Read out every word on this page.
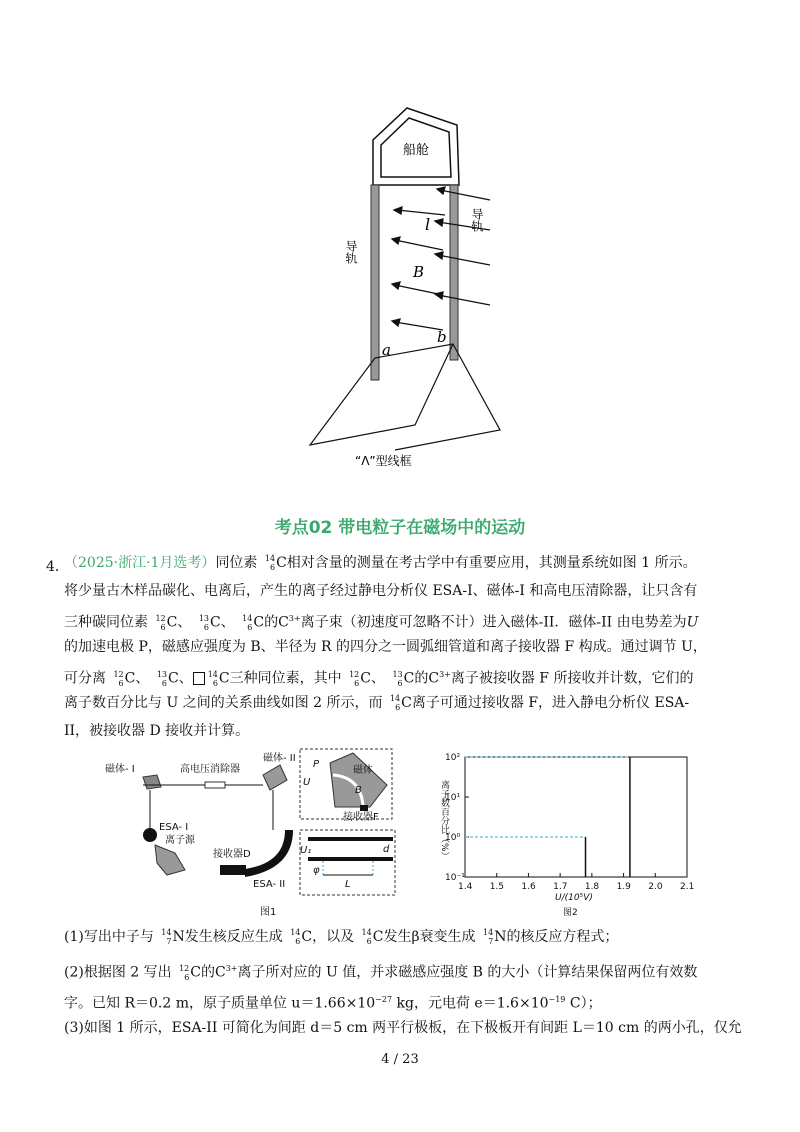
船舱
导轨
导轨
l
B
b
a
“Λ”型线框
考点02 带电粒子在磁场中的运动
4．
（2025·浙江·1月选考）同位素 14
6 C相对含量的测量在考古学中有重要应用，其测量系统如图 1 所示。
将少量古木样品碳化、电离后，产生的离子经过静电分析仪 ESA-I、磁体-I 和高电压清除器，让只含有
三种碳同位素 12
6 C、 13
6 C、 14
6 C的$C^{3+}$离子束（初速度可忽略不计）进入磁体-II．磁体-II 由电势差为U
的加速电极 P，磁感应强度为 B、半径为 R 的四分之一圆弧细管道和离子接收器 F 构成。通过调节 U，
可分离 12
6 C、 13
6 C、 14
6 C三种同位素，其中 12
6 C、 13
6 C的$C^{3+}$离子被接收器 F 所接收并计数，它们的
离子数百分比与 U 之间的关系曲线如图 2 所示，而 14
6 C离子可通过接收器 F，进入静电分析仪 ESA-
II，被接收器 D 接收并计算。
磁体- I	高电压消除器
磁体- II
ESA- I
离子源
接收器D
ESA- II
磁体
P
U
B
接收器F
U₁	d
L
φ
图1
离子数百分比（%）
10²
10¹
10⁰
10⁻¹
1.4 1.5 1.6 1.7 1.8 1.9 2.0 2.1
U/(10⁵V)
图2
(1)写出中子与 14
7 N发生核反应生成 14
6 C，以及 14
6 C发生β衰变生成 14
7 N的核反应方程式；
(2)根据图 2 写出 12
6 C的$C^{3+}$离子所对应的 U 值，并求磁感应强度 B 的大小（计算结果保留两位有效数
字。已知 R＝0.2 m，原子质量单位 $u=1.66\times 10^{-27}$ kg，元电荷 $e=1.6\times 10^{-19}$ C）；
(3)如图 1 所示，ESA-II 可简化为间距 d＝5 cm 两平行极板，在下极板开有间距 L＝10 cm 的两小孔，仅允
4 / 23
